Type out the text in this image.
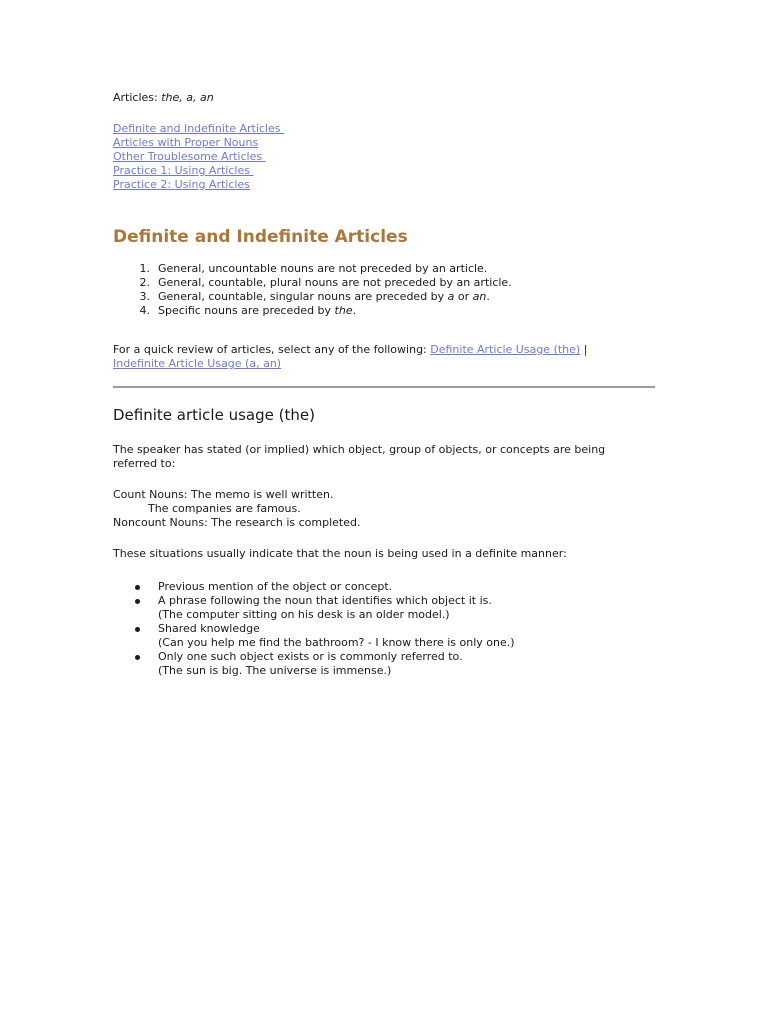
Articles: the, a, an
Definite and Indefinite Articles
Articles with Proper Nouns
Other Troublesome Articles
Practice 1: Using Articles
Practice 2: Using Articles
Definite and Indefinite Articles
1. General, uncountable nouns are not preceded by an article.
2. General, countable, plural nouns are not preceded by an article.
3. General, countable, singular nouns are preceded by a or an.
4. Specific nouns are preceded by the.
For a quick review of articles, select any of the following: Definite Article Usage (the) |
Indefinite Article Usage (a, an)
Definite article usage (the)
The speaker has stated (or implied) which object, group of objects, or concepts are being referred to:
Count Nouns: The memo is well written.
The companies are famous.
Noncount Nouns: The research is completed.
These situations usually indicate that the noun is being used in a definite manner:
Previous mention of the object or concept.
A phrase following the noun that identifies which object it is.
(The computer sitting on his desk is an older model.)
Shared knowledge
(Can you help me find the bathroom? - I know there is only one.)
Only one such object exists or is commonly referred to.
(The sun is big. The universe is immense.)
